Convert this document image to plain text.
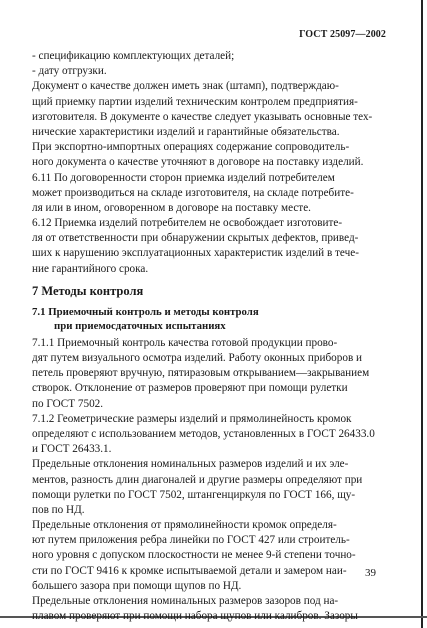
ГОСТ 25097—2002
- спецификацию комплектующих деталей;
- дату отгрузки.
Документ о качестве должен иметь знак (штамп), подтверждаю-
щий приемку партии изделий техническим контролем предприятия-
изготовителя. В документе о качестве следует указывать основные тех-
нические характеристики изделий и гарантийные обязательства.
При экспортно-импортных операциях содержание сопроводитель-
ного документа о качестве уточняют в договоре на поставку изделий.
6.11 По договоренности сторон приемка изделий потребителем
может производиться на складе изготовителя, на складе потребите-
ля или в ином, оговоренном в договоре на поставку месте.
6.12 Приемка изделий потребителем не освобождает изготовите-
ля от ответственности при обнаружении скрытых дефектов, привед-
ших к нарушению эксплуатационных характеристик изделий в тече-
ние гарантийного срока.
7 Методы контроля
7.1 Приемочный контроль и методы контроля
при приемосдаточных испытаниях
7.1.1 Приемочный контроль качества готовой продукции прово-
дят путем визуального осмотра изделий. Работу оконных приборов и
петель проверяют вручную, пятиразовым открыванием—закрыванием
створок. Отклонение от размеров проверяют при помощи рулетки
по ГОСТ 7502.
7.1.2 Геометрические размеры изделий и прямолинейность кромок
определяют с использованием методов, установленных в ГОСТ 26433.0
и ГОСТ 26433.1.
Предельные отклонения номинальных размеров изделий и их эле-
ментов, разность длин диагоналей и другие размеры определяют при
помощи рулетки по ГОСТ 7502, штангенциркуля по ГОСТ 166, щу-
пов по НД.
Предельные отклонения от прямолинейности кромок определя-
ют путем приложения ребра линейки по ГОСТ 427 или строитель-
ного уровня с допуском плоскостности не менее 9-й степени точно-
сти по ГОСТ 9416 к кромке испытываемой детали и замером наи-
большего зазора при помощи щупов по НД.
Предельные отклонения номинальных размеров зазоров под на-
плавом проверяют при помощи набора щупов или калибров. Зазоры
39
